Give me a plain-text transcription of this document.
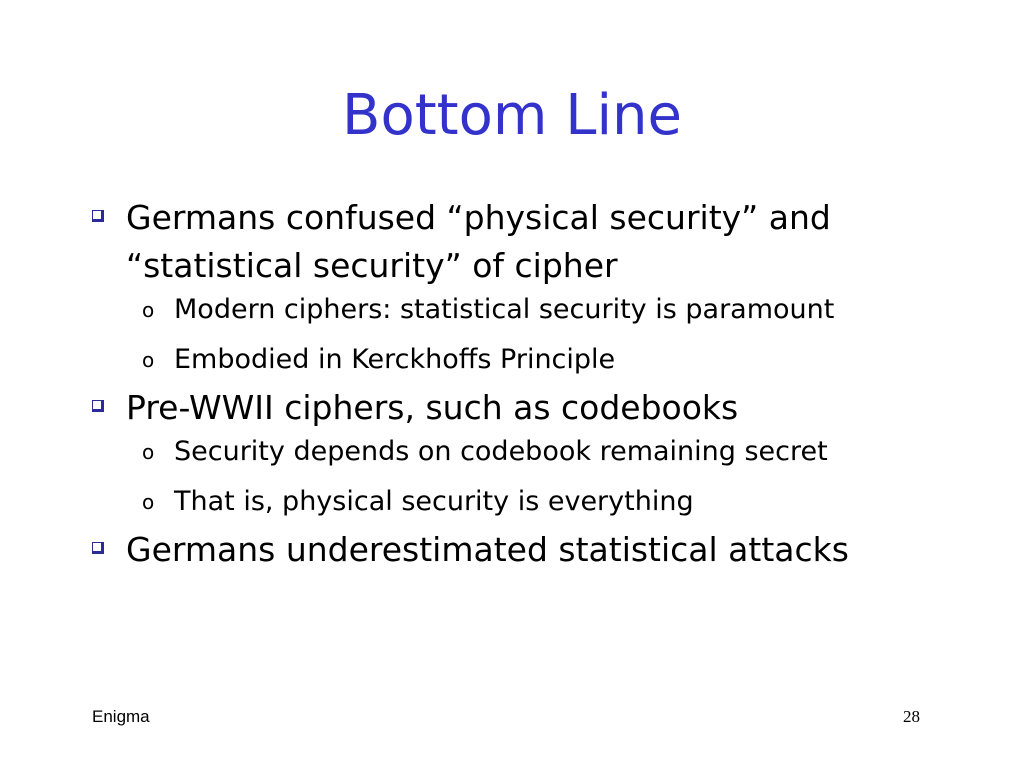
Bottom Line
Germans confused “physical security” and “statistical security” of cipher
o Modern ciphers: statistical security is paramount
o Embodied in Kerckhoffs Principle
Pre-WWII ciphers, such as codebooks
o Security depends on codebook remaining secret
o That is, physical security is everything
Germans underestimated statistical attacks
Enigma	28
